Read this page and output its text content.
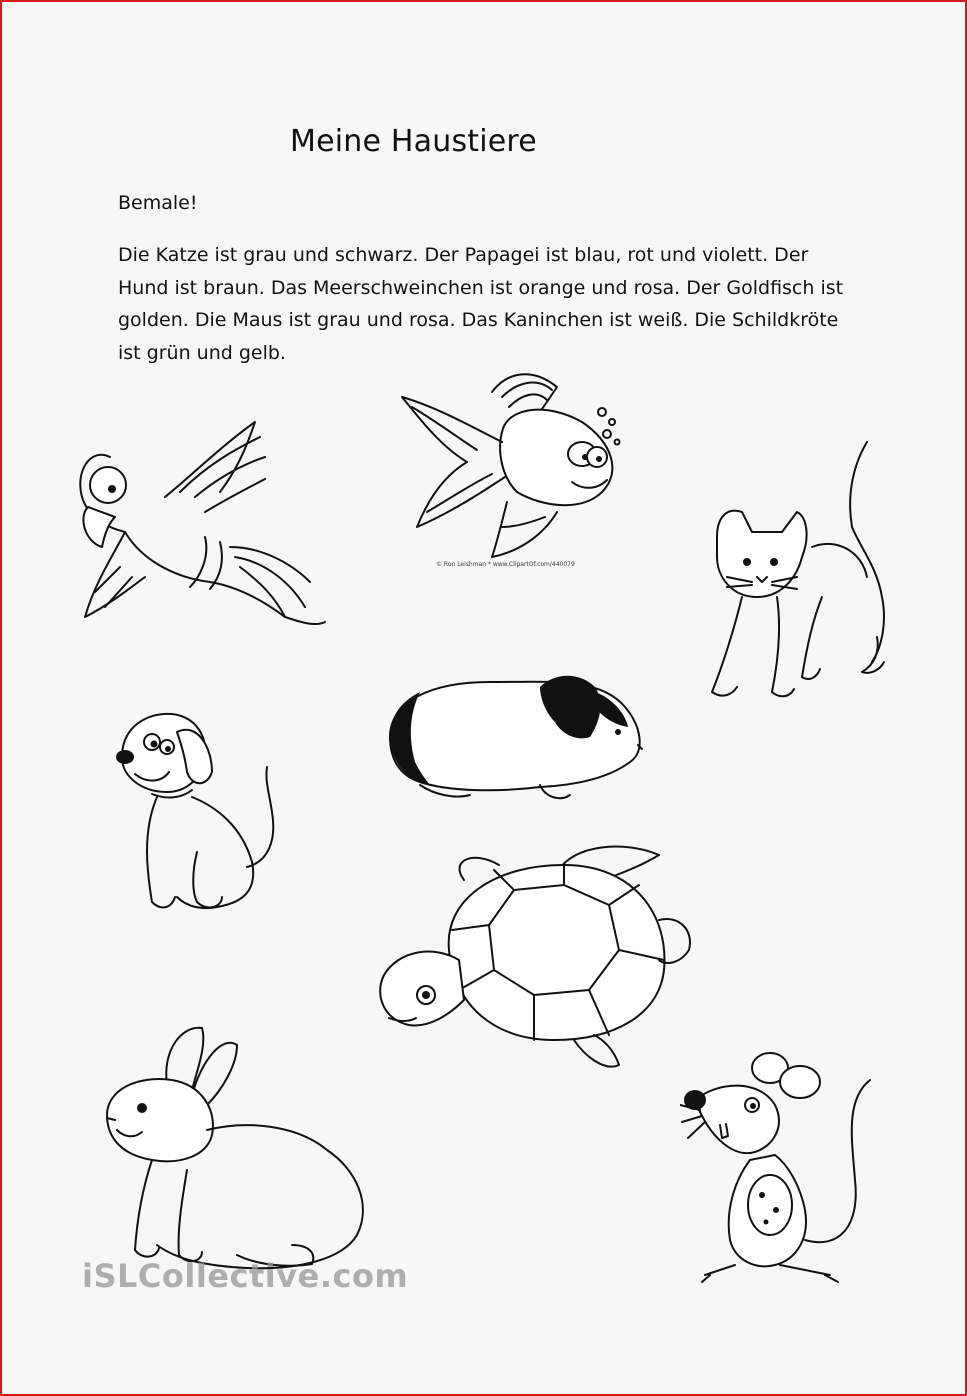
Meine Haustiere
Bemale!
Die Katze ist grau und schwarz. Der Papagei ist blau, rot und violett. Der Hund ist braun. Das Meerschweinchen ist orange und rosa. Der Goldfisch ist golden. Die Maus ist grau und rosa. Das Kaninchen ist weiß. Die Schildkröte ist grün und gelb.
© Ron Leishman * www.ClipartOf.com/440079
iSLCollective.com
